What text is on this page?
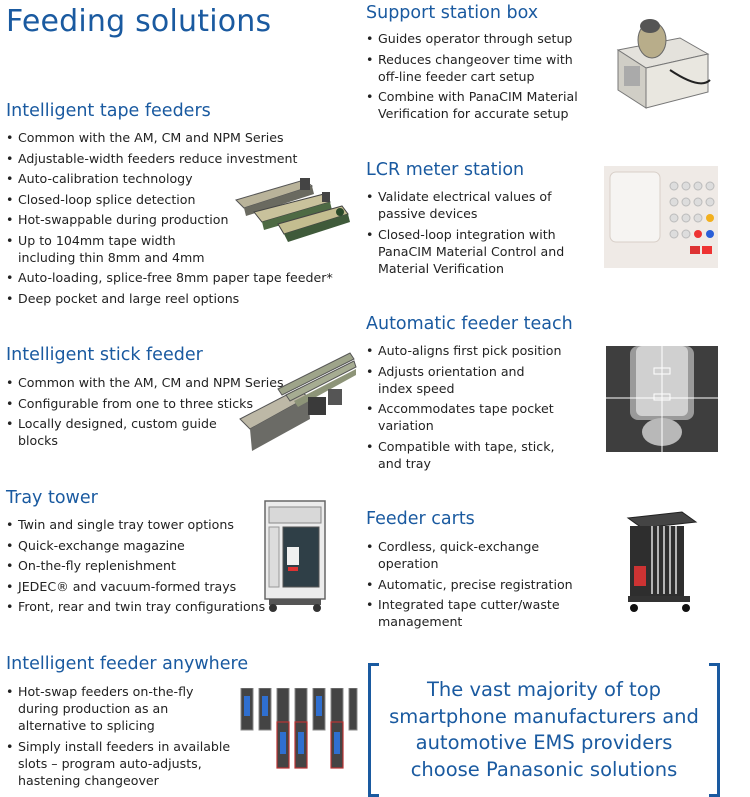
Feeding solutions
Intelligent tape feeders
• Common with the AM, CM and NPM Series
• Adjustable-width feeders reduce investment
• Auto-calibration technology
• Closed-loop splice detection
• Hot-swappable during production
• Up to 104mm tape width including thin 8mm and 4mm
• Auto-loading, splice-free 8mm paper tape feeder*
• Deep pocket and large reel options
Intelligent stick feeder
• Common with the AM, CM and NPM Series
• Configurable from one to three sticks
• Locally designed, custom guide blocks
Tray tower
• Twin and single tray tower options
• Quick-exchange magazine
• On-the-fly replenishment
• JEDEC® and vacuum-formed trays
• Front, rear and twin tray configurations
Intelligent feeder anywhere
• Hot-swap feeders on-the-fly during production as an alternative to splicing
• Simply install feeders in available slots – program auto-adjusts, hastening changeover
Support station box
• Guides operator through setup
• Reduces changeover time with off-line feeder cart setup
• Combine with PanaCIM Material Verification for accurate setup
LCR meter station
• Validate electrical values of passive devices
• Closed-loop integration with PanaCIM Material Control and Material Verification
Automatic feeder teach
• Auto-aligns first pick position
• Adjusts orientation and index speed
• Accommodates tape pocket variation
• Compatible with tape, stick, and tray
Feeder carts
• Cordless, quick-exchange operation
• Automatic, precise registration
• Integrated tape cutter/waste management
The vast majority of top smartphone manufacturers and automotive EMS providers choose Panasonic solutions
